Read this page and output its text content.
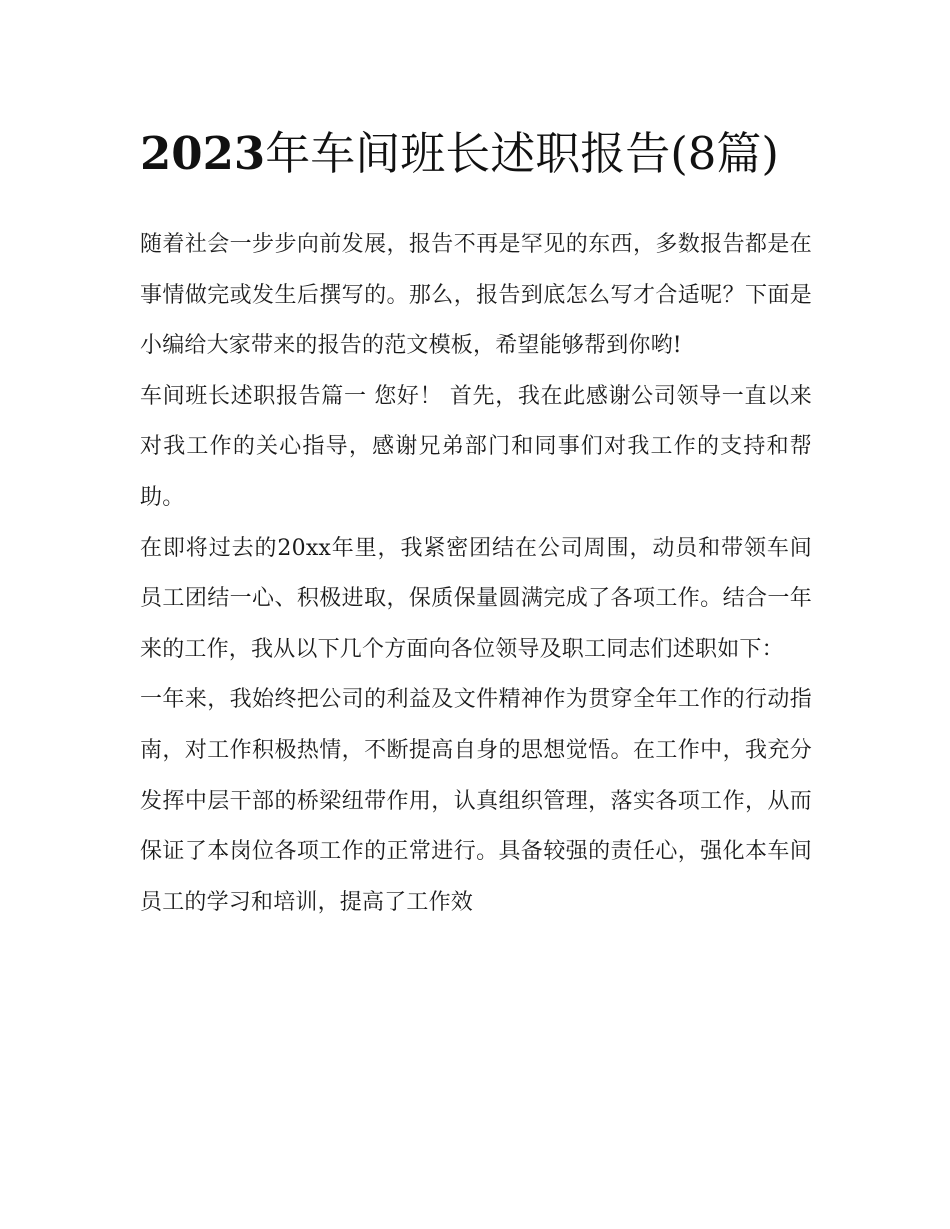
2023年车间班长述职报告(8篇)

随着社会一步步向前发展，报告不再是罕见的东西，多数报告都是在事情做完或发生后撰写的。那么，报告到底怎么写才合适呢？下面是小编给大家带来的报告的范文模板，希望能够帮到你哟!

车间班长述职报告篇一 您好！ 首先，我在此感谢公司领导一直以来对我工作的关心指导，感谢兄弟部门和同事们对我工作的支持和帮助。

在即将过去的20xx年里，我紧密团结在公司周围，动员和带领车间员工团结一心、积极进取，保质保量圆满完成了各项工作。结合一年来的工作，我从以下几个方面向各位领导及职工同志们述职如下：

一年来，我始终把公司的利益及文件精神作为贯穿全年工作的行动指南，对工作积极热情，不断提高自身的思想觉悟。在工作中，我充分发挥中层干部的桥梁纽带作用，认真组织管理，落实各项工作，从而保证了本岗位各项工作的正常进行。具备较强的责任心，强化本车间员工的学习和培训，提高了工作效
